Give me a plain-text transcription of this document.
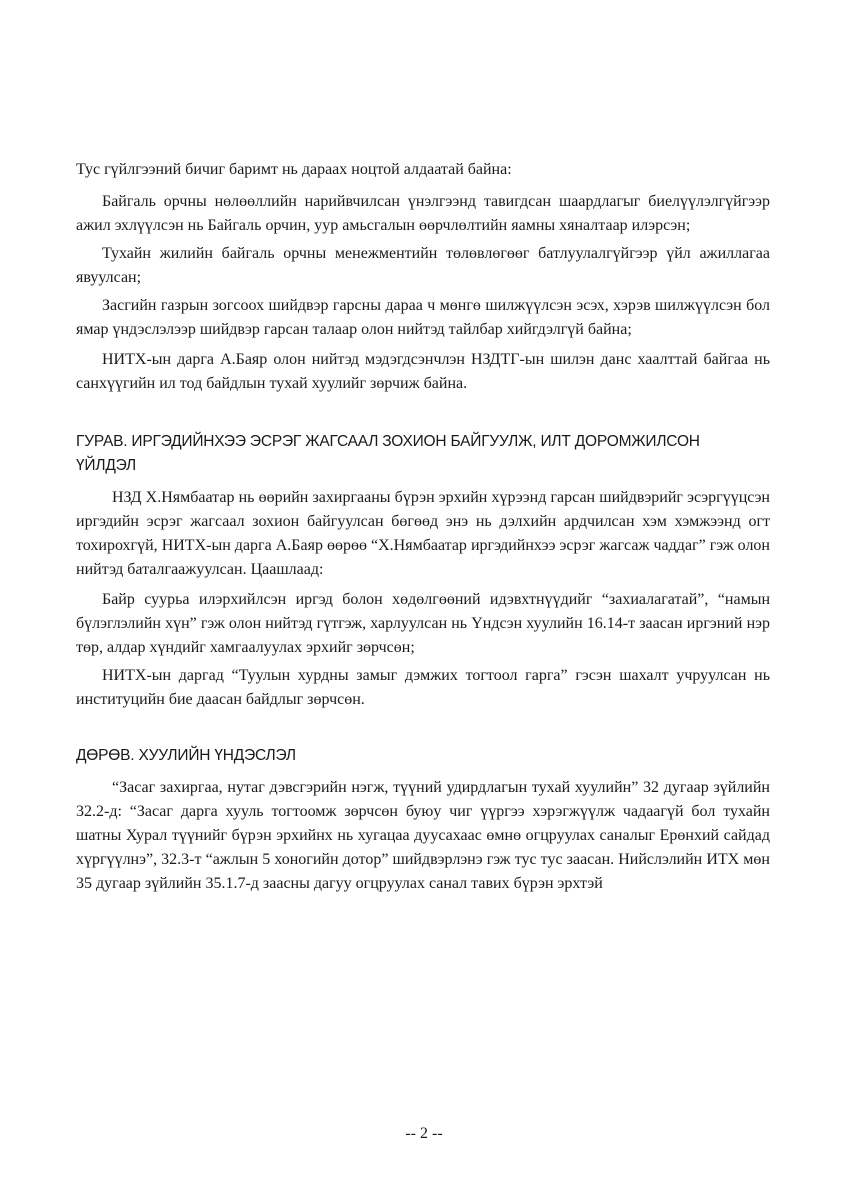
Тус гүйлгээний бичиг баримт нь дараах ноцтой алдаатай байна:

Байгаль орчны нөлөөллийн нарийвчилсан үнэлгээнд тавигдсан шаардлагыг биелүүлэлгүйгээр ажил эхлүүлсэн нь Байгаль орчин, уур амьсгалын өөрчлөлтийн яамны хяналтаар илэрсэн;

Тухайн жилийн байгаль орчны менежментийн төлөвлөгөөг батлуулалгүйгээр үйл ажиллагаа явуулсан;

Засгийн газрын зогсоох шийдвэр гарсны дараа ч мөнгө шилжүүлсэн эсэх, хэрэв шилжүүлсэн бол ямар үндэслэлээр шийдвэр гарсан талаар олон нийтэд тайлбар хийгдэлгүй байна;

НИТХ-ын дарга А.Баяр олон нийтэд мэдэгдсэнчлэн НЗДТГ-ын шилэн данс хаалттай байгаа нь санхүүгийн ил тод байдлын тухай хуулийг зөрчиж байна.

ГУРАВ. ИРГЭДИЙНХЭЭ ЭСРЭГ ЖАГСААЛ ЗОХИОН БАЙГУУЛЖ, ИЛТ ДОРОМЖИЛСОН
ҮЙЛДЭЛ

НЗД Х.Нямбаатар нь өөрийн захиргааны бүрэн эрхийн хүрээнд гарсан шийдвэрийг эсэргүүцсэн иргэдийн эсрэг жагсаал зохион байгуулсан бөгөөд энэ нь дэлхийн ардчилсан хэм хэмжээнд огт тохирохгүй, НИТХ-ын дарга А.Баяр өөрөө “Х.Нямбаатар иргэдийнхээ эсрэг жагсаж чаддаг” гэж олон нийтэд баталгаажуулсан. Цаашлаад:

Байр суурьа илэрхийлсэн иргэд болон хөдөлгөөний идэвхтнүүдийг “захиалагатай”, “намын бүлэглэлийн хүн” гэж олон нийтэд гүтгэж, харлуулсан нь Үндсэн хуулийн 16.14-т заасан иргэний нэр төр, алдар хүндийг хамгаалуулах эрхийг зөрчсөн;

НИТХ-ын даргад “Туулын хурдны замыг дэмжих тогтоол гарга” гэсэн шахалт учруулсан нь институцийн бие даасан байдлыг зөрчсөн.

ДӨРӨВ. ХУУЛИЙН ҮНДЭСЛЭЛ

“Засаг захиргаа, нутаг дэвсгэрийн нэгж, түүний удирдлагын тухай хуулийн” 32 дугаар зүйлийн 32.2-д: “Засаг дарга хууль тогтоомж зөрчсөн буюу чиг үүргээ хэрэгжүүлж чадаагүй бол тухайн шатны Хурал түүнийг бүрэн эрхийнх нь хугацаа дуусахаас өмнө огцруулах саналыг Ерөнхий сайдад хүргүүлнэ”, 32.3-т “ажлын 5 хоногийн дотор” шийдвэрлэнэ гэж тус тус заасан. Нийслэлийн ИТХ мөн 35 дугаар зүйлийн 35.1.7-д заасны дагуу огцруулах санал тавих бүрэн эрхтэй

-- 2 --
